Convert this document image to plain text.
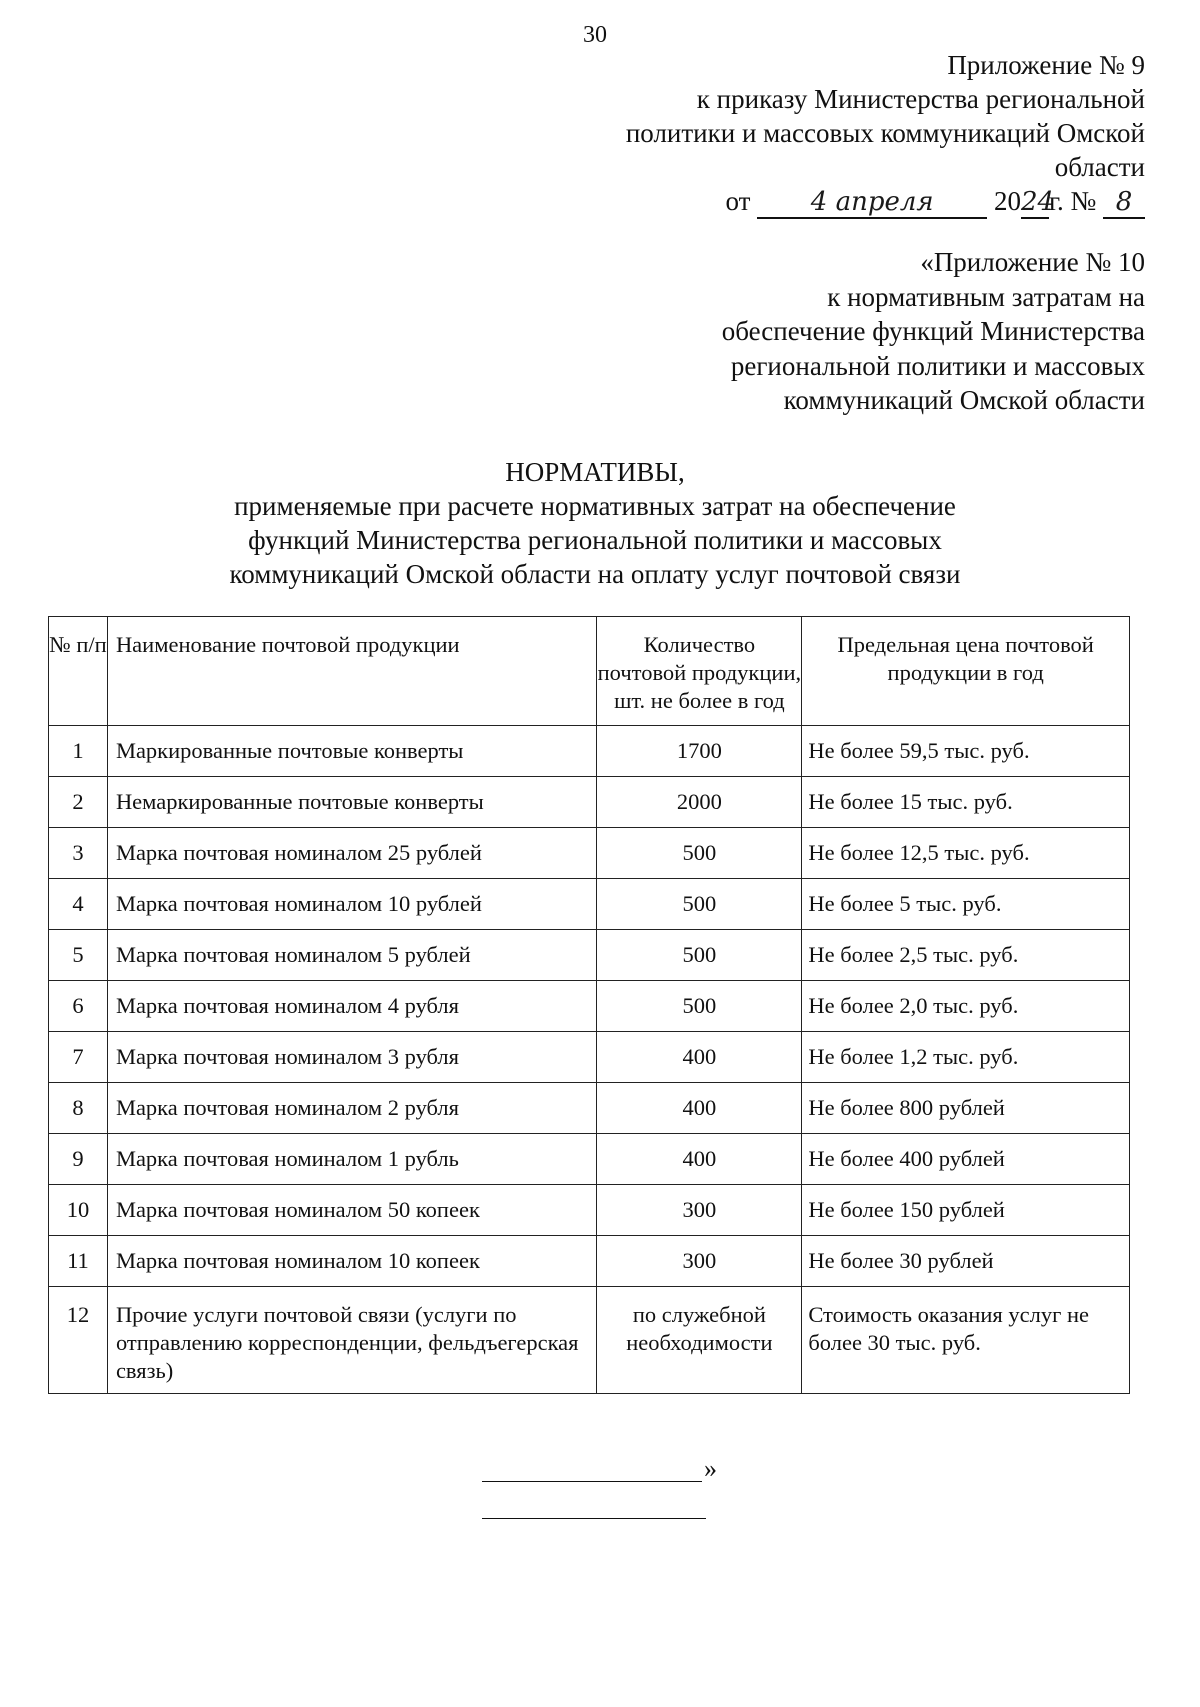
30
Приложение № 9
к приказу Министерства региональной
политики и массовых коммуникаций Омской
области
от 4 апреля 2024г. № 8
«Приложение № 10
к нормативным затратам на
обеспечение функций Министерства
региональной политики и массовых
коммуникаций Омской области
НОРМАТИВЫ,
применяемые при расчете нормативных затрат на обеспечение
функций Министерства региональной политики и массовых
коммуникаций Омской области на оплату услуг почтовой связи
№ п/п	Наименование почтовой продукции	Количество почтовой продукции, шт. не более в год	Предельная цена почтовой продукции в год
1	Маркированные почтовые конверты	1700	Не более 59,5 тыс. руб.
2	Немаркированные почтовые конверты	2000	Не более 15 тыс. руб.
3	Марка почтовая номиналом 25 рублей	500	Не более 12,5 тыс. руб.
4	Марка почтовая номиналом 10 рублей	500	Не более 5 тыс. руб.
5	Марка почтовая номиналом 5 рублей	500	Не более 2,5 тыс. руб.
6	Марка почтовая номиналом 4 рубля	500	Не более 2,0 тыс. руб.
7	Марка почтовая номиналом 3 рубля	400	Не более 1,2 тыс. руб.
8	Марка почтовая номиналом 2 рубля	400	Не более 800 рублей
9	Марка почтовая номиналом 1 рубль	400	Не более 400 рублей
10	Марка почтовая номиналом 50 копеек	300	Не более 150 рублей
11	Марка почтовая номиналом 10 копеек	300	Не более 30 рублей
12	Прочие услуги почтовой связи (услуги по отправлению корреспонденции, фельдъегерская связь)	по служебной необходимости	Стоимость оказания услуг не более 30 тыс. руб.
»
